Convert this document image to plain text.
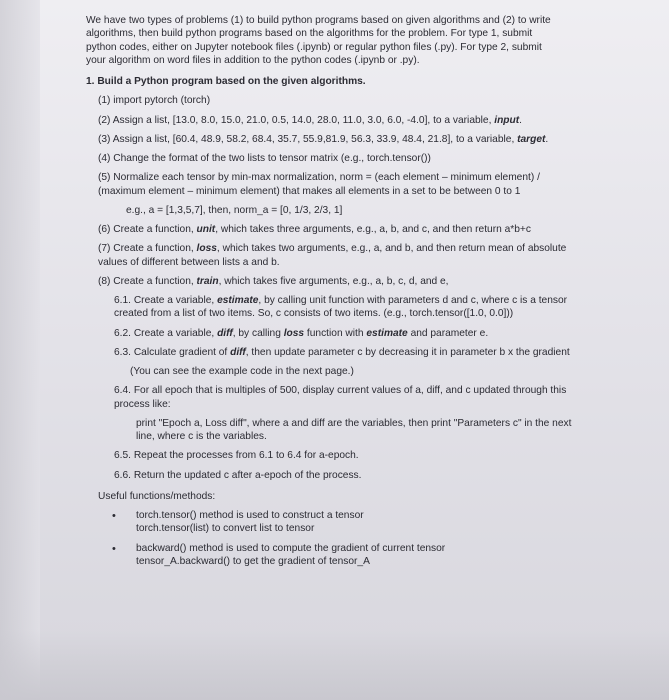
We have two types of problems (1) to build python programs based on given algorithms and (2) to write
algorithms, then build python programs based on the algorithms for the problem. For type 1, submit
python codes, either on Jupyter notebook files (.ipynb) or regular python files (.py). For type 2, submit
your algorithm on word files in addition to the python codes (.ipynb or .py).
1. Build a Python program based on the given algorithms.
(1) import pytorch (torch)
(2) Assign a list, [13.0, 8.0, 15.0, 21.0, 0.5, 14.0, 28.0, 11.0, 3.0, 6.0, -4.0], to a variable, input.
(3) Assign a list, [60.4, 48.9, 58.2, 68.4, 35.7, 55.9,81.9, 56.3, 33.9, 48.4, 21.8], to a variable, target.
(4) Change the format of the two lists to tensor matrix (e.g., torch.tensor())
(5) Normalize each tensor by min-max normalization, norm = (each element – minimum element) /
(maximum element – minimum element) that makes all elements in a set to be between 0 to 1
e.g., a = [1,3,5,7], then, norm_a = [0, 1/3, 2/3, 1]
(6) Create a function, unit, which takes three arguments, e.g., a, b, and c, and then return a*b+c
(7) Create a function, loss, which takes two arguments, e.g., a, and b, and then return mean of absolute
values of different between lists a and b.
(8) Create a function, train, which takes five arguments, e.g., a, b, c, d, and e,
6.1. Create a variable, estimate, by calling unit function with parameters d and c, where c is a tensor
created from a list of two items. So, c consists of two items. (e.g., torch.tensor([1.0, 0.0]))
6.2. Create a variable, diff, by calling loss function with estimate and parameter e.
6.3. Calculate gradient of diff, then update parameter c by decreasing it in parameter b x the gradient
(You can see the example code in the next page.)
6.4. For all epoch that is multiples of 500, display current values of a, diff, and c updated through this
process like:
print "Epoch a, Loss diff", where a and diff are the variables, then print "Parameters c" in the next
line, where c is the variables.
6.5. Repeat the processes from 6.1 to 6.4 for a-epoch.
6.6. Return the updated c after a-epoch of the process.
Useful functions/methods:
• torch.tensor() method is used to construct a tensor
torch.tensor(list) to convert list to tensor
• backward() method is used to compute the gradient of current tensor
tensor_A.backward() to get the gradient of tensor_A
